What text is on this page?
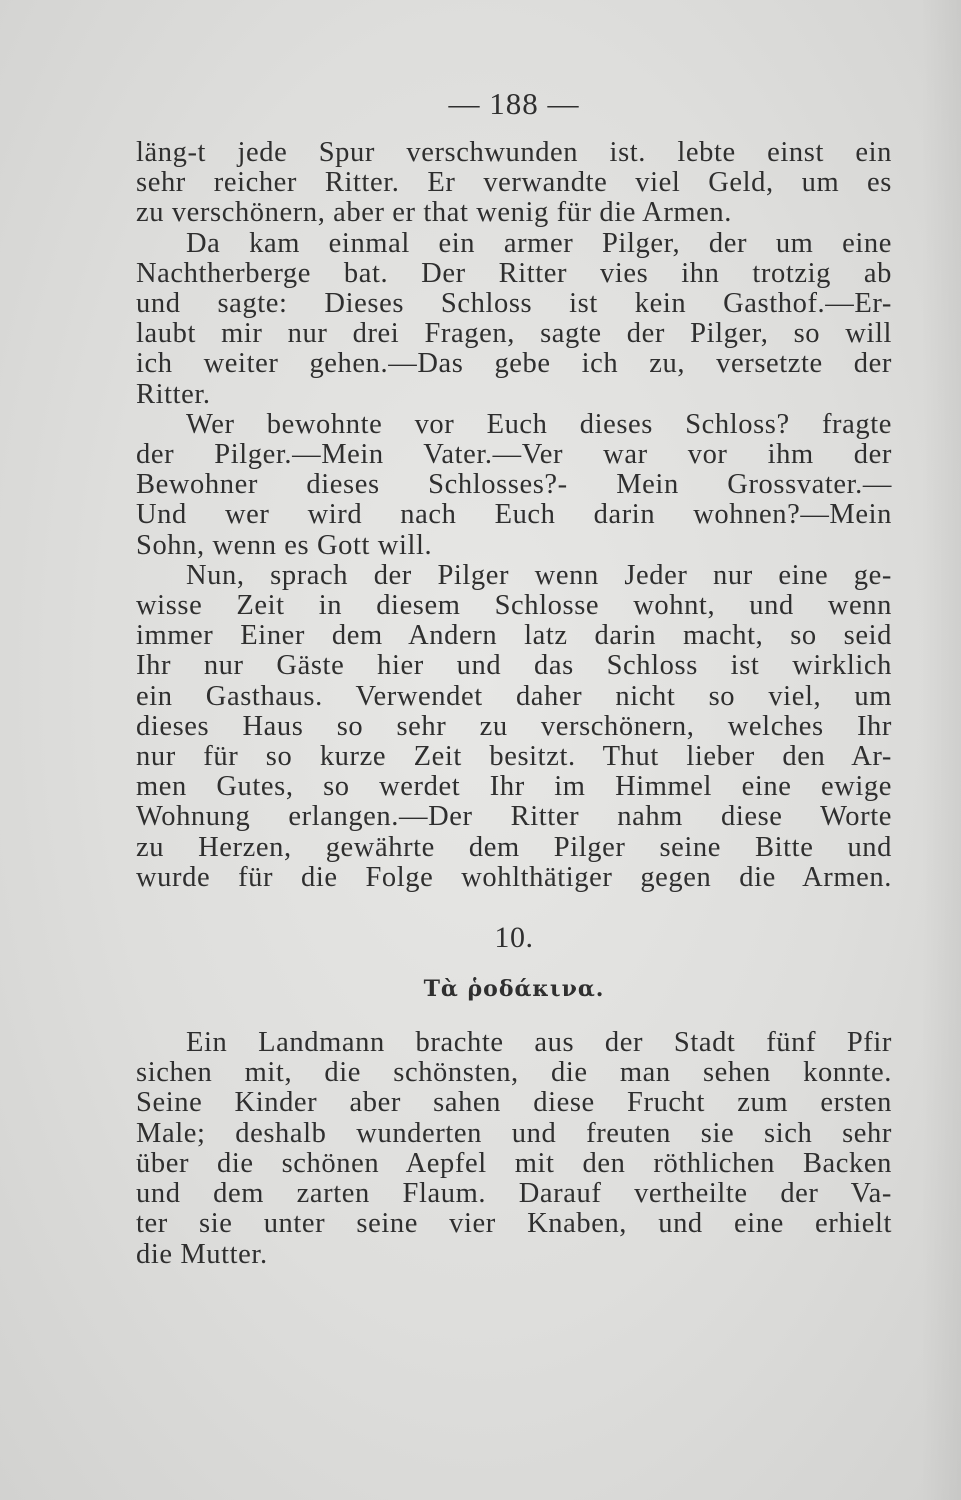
— 188 —
läng‑t jede Spur verschwunden ist. lebte einst ein
sehr reicher Ritter. Er verwandte viel Geld, um es
zu verschönern, aber er that wenig für die Armen.
Da kam einmal ein armer Pilger, der um eine
Nachtherberge bat. Der Ritter vies ihn trotzig ab
und sagte: Dieses Schloss ist kein Gasthof.—Er-
laubt mir nur drei Fragen, sagte der Pilger, so will
ich weiter gehen.—Das gebe ich zu, versetzte der
Ritter.
Wer bewohnte vor Euch dieses Schloss? fragte
der Pilger.—Mein Vater.—Ver war vor ihm der
Bewohner dieses Schlosses?‑ Mein Grossvater.—
Und wer wird nach Euch darin wohnen?—Mein
Sohn, wenn es Gott will.
Nun, sprach der Pilger wenn Jeder nur eine ge-
wisse Zeit in diesem Schlosse wohnt, und wenn
immer Einer dem Andern latz darin macht, so seid
Ihr nur Gäste hier und das Schloss ist wirklich
ein Gasthaus. Verwendet daher nicht so viel, um
dieses Haus so sehr zu verschönern, welches Ihr
nur für so kurze Zeit besitzt. Thut lieber den Ar-
men Gutes, so werdet Ihr im Himmel eine ewige
Wohnung erlangen.—Der Ritter nahm diese Worte
zu Herzen, gewährte dem Pilger seine Bitte und
wurde für die Folge wohlthätiger gegen die Armen.
10.
Τὰ ῥοδάκινα.
Ein Landmann brachte aus der Stadt fünf Pfir
sichen mit, die schönsten, die man sehen konnte.
Seine Kinder aber sahen diese Frucht zum ersten
Male; deshalb wunderten und freuten sie sich sehr
über die schönen Aepfel mit den röthlichen Backen
und dem zarten Flaum. Darauf vertheilte der Va-
ter sie unter seine vier Knaben, und eine erhielt
die Mutter.
